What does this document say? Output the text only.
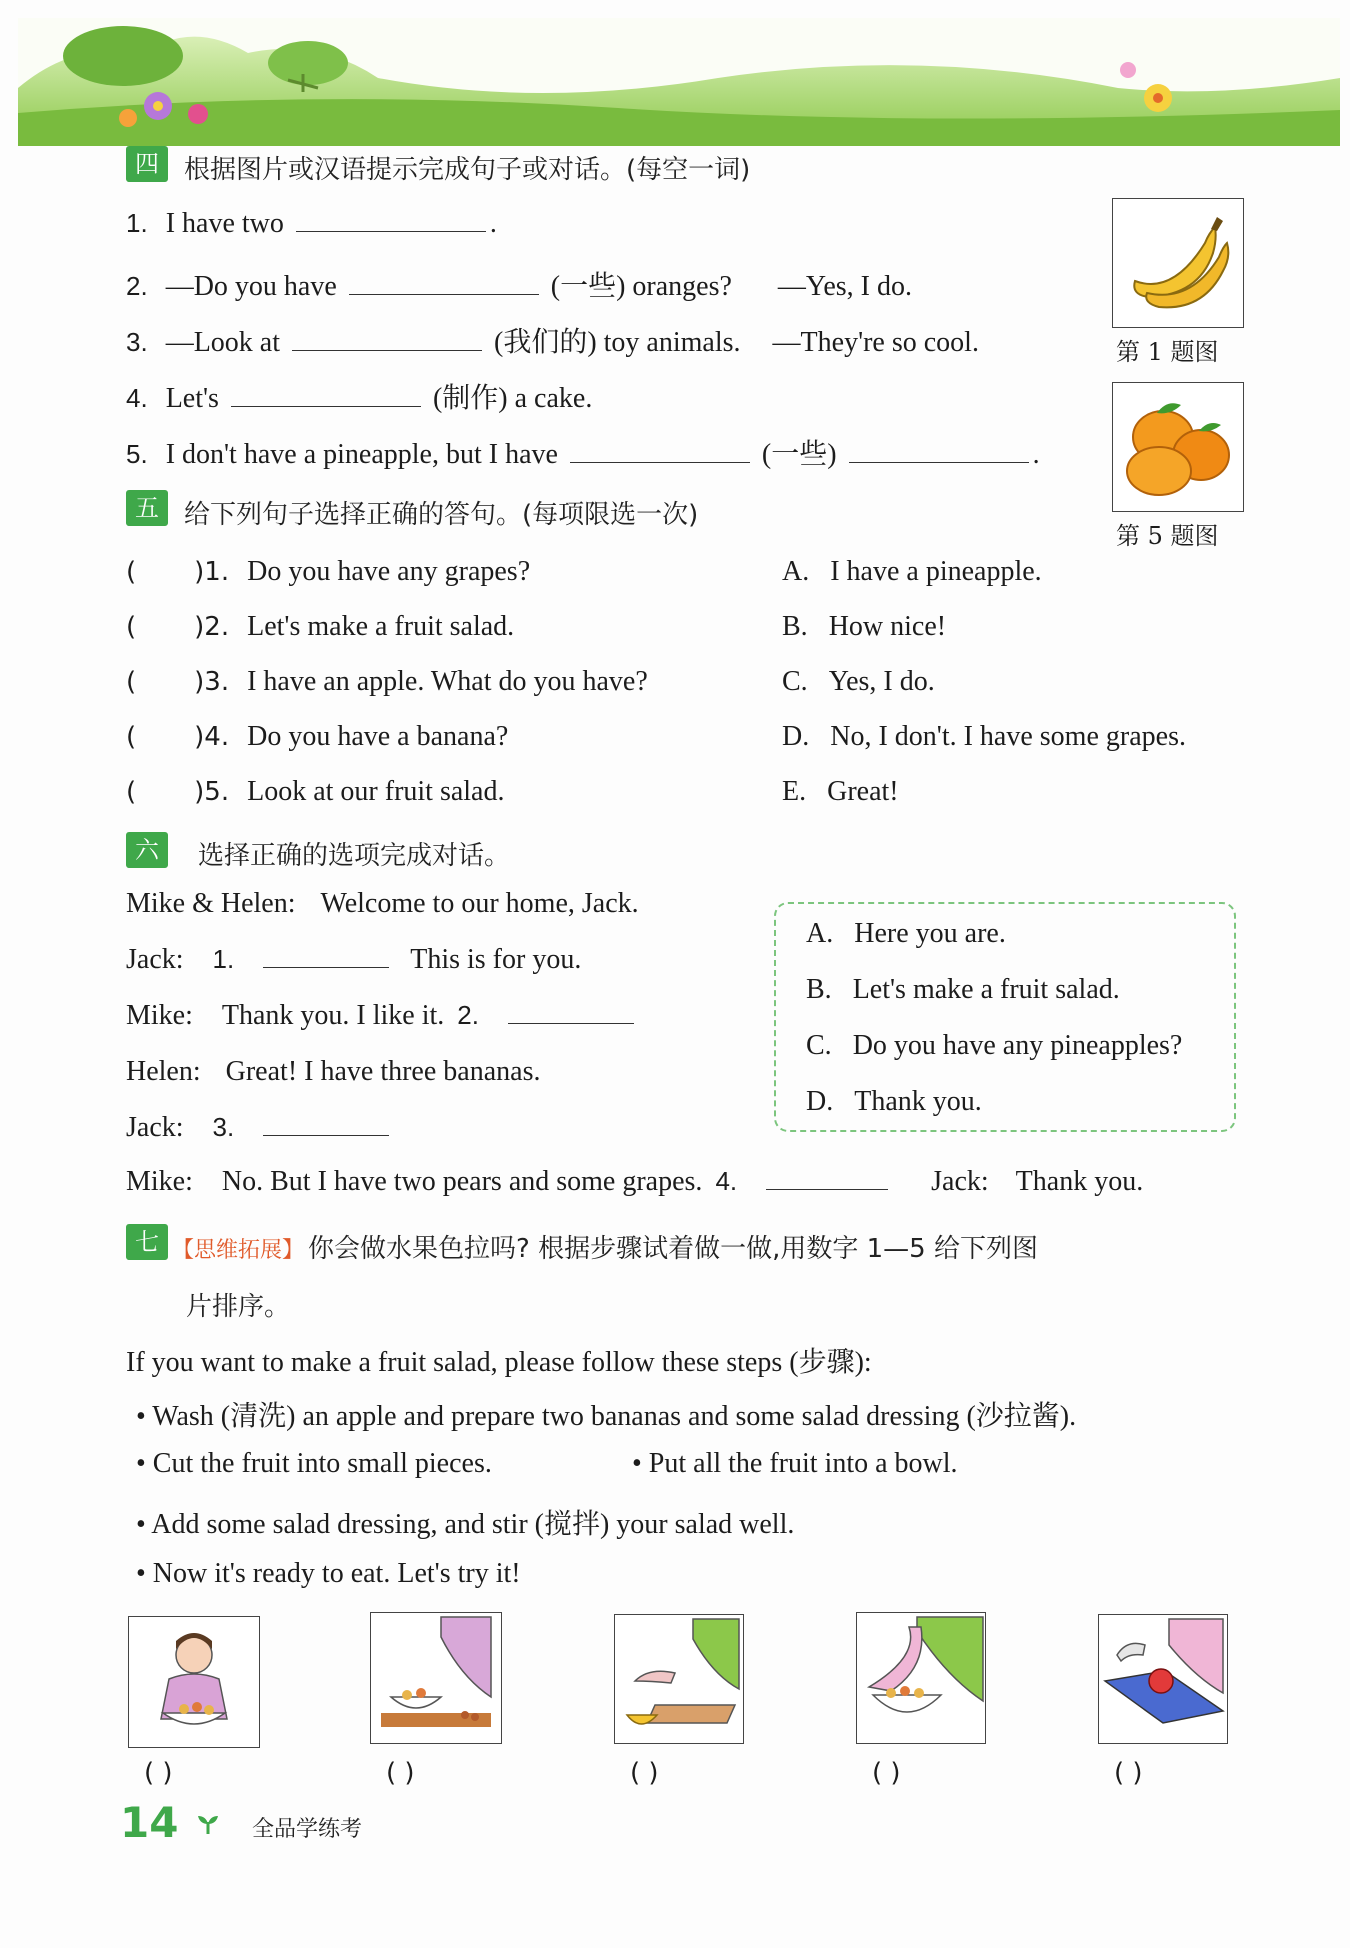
四 根据图片或汉语提示完成句子或对话。(每空一词)
1. I have two	.
2. —Do you have	(一些) oranges? —Yes, I do.
3. —Look at	(我们的) toy animals. —They're so cool.
4. Let's	(制作) a cake.
5. I don't have a pineapple, but I have	(一些)	.
第 1 题图
第 5 题图
五 给下列句子选择正确的答句。(每项限选一次)
( )1. Do you have any grapes?
( )2. Let's make a fruit salad.
( )3. I have an apple. What do you have?
( )4. Do you have a banana?
( )5. Look at our fruit salad.
A. I have a pineapple.
B. How nice!
C. Yes, I do.
D. No, I don't. I have some grapes.
E. Great!
六	选择正确的选项完成对话。
Mike & Helen: Welcome to our home, Jack.
Jack: 1.	This is for you.
Mike: Thank you. I like it. 2.
Helen: Great! I have three bananas.
Jack: 3.
Mike: No. But I have two pears and some grapes. 4.	Jack: Thank you.
A. Here you are.
B. Let's make a fruit salad.
C. Do you have any pineapples?
D. Thank you.
七 【思维拓展】 你会做水果色拉吗? 根据步骤试着做一做,用数字 1—5 给下列图
片排序。
If you want to make a fruit salad, please follow these steps (步骤):
• Wash (清洗) an apple and prepare two bananas and some salad dressing (沙拉酱).
• Cut the fruit into small pieces.	• Put all the fruit into a bowl.
• Add some salad dressing, and stir (搅拌) your salad well.
• Now it's ready to eat. Let's try it!
( )	( )	( )	( )	( )
14	全品学练考
